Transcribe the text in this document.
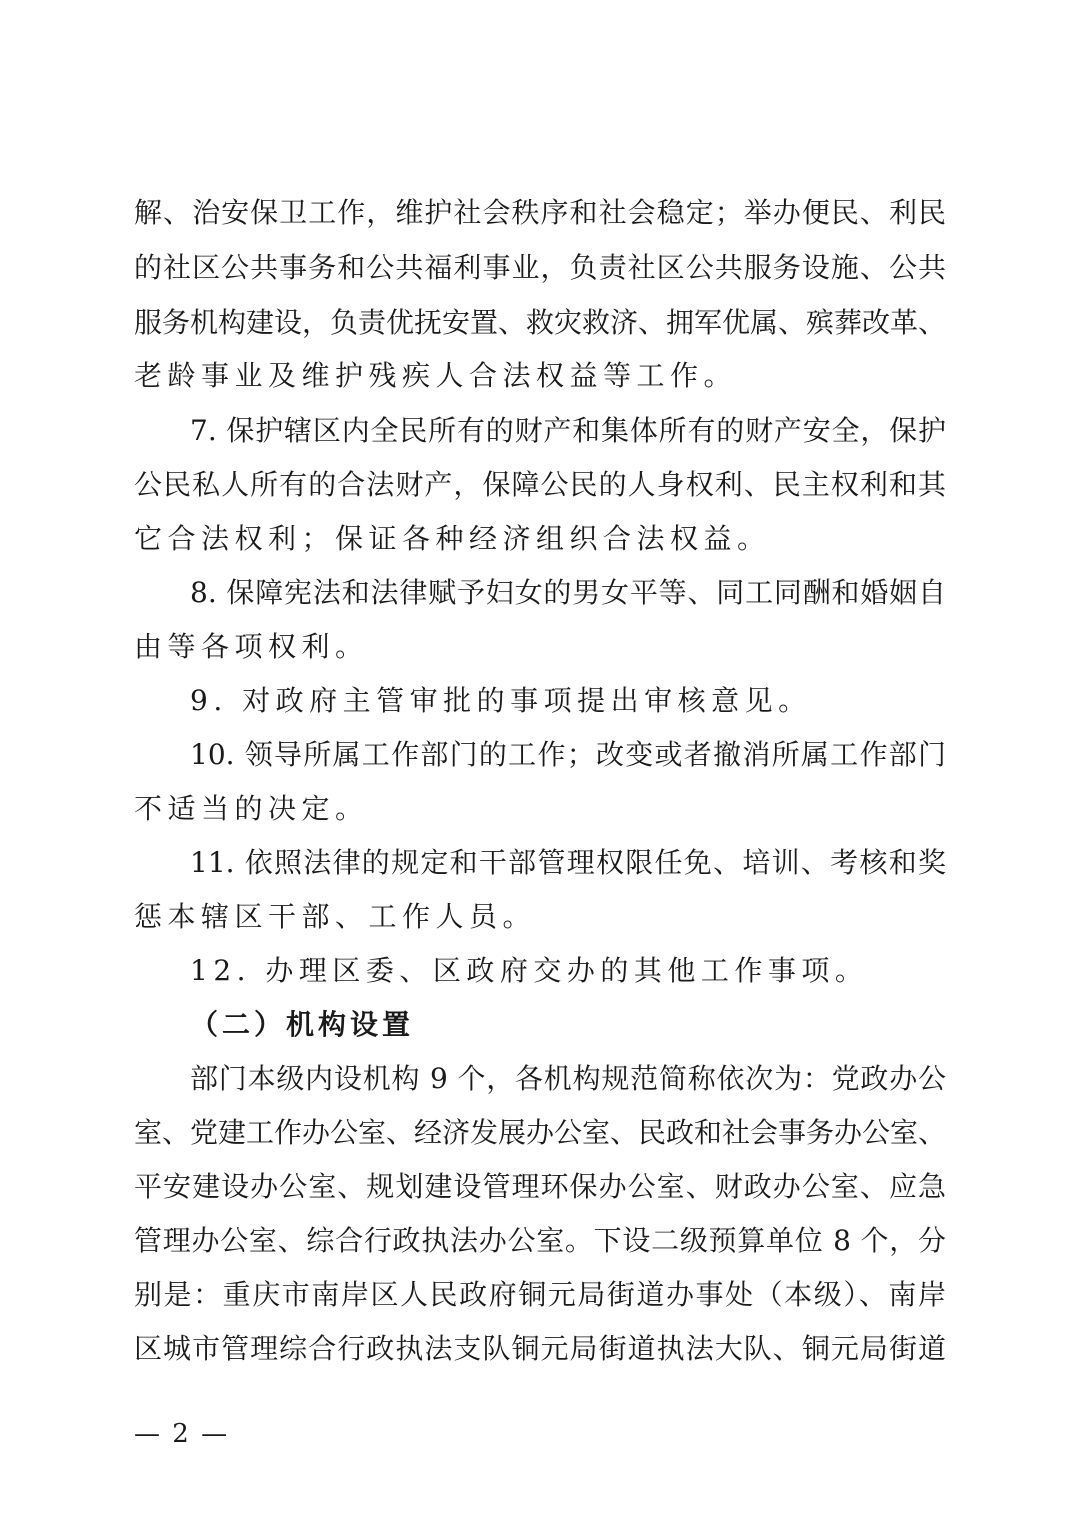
解、治安保卫工作，维护社会秩序和社会稳定；举办便民、利民
的社区公共事务和公共福利事业，负责社区公共服务设施、公共
服务机构建设，负责优抚安置、救灾救济、拥军优属、殡葬改革、
老龄事业及维护残疾人合法权益等工作。
7. 保护辖区内全民所有的财产和集体所有的财产安全，保护
公民私人所有的合法财产，保障公民的人身权利、民主权利和其
它合法权利；保证各种经济组织合法权益。
8. 保障宪法和法律赋予妇女的男女平等、同工同酬和婚姻自
由等各项权利。
9. 对政府主管审批的事项提出审核意见。
10. 领导所属工作部门的工作；改变或者撤消所属工作部门
不适当的决定。
11. 依照法律的规定和干部管理权限任免、培训、考核和奖
惩本辖区干部、工作人员。
12. 办理区委、区政府交办的其他工作事项。
（二）机构设置
部门本级内设机构 9 个，各机构规范简称依次为：党政办公
室、党建工作办公室、经济发展办公室、民政和社会事务办公室、
平安建设办公室、规划建设管理环保办公室、财政办公室、应急
管理办公室、综合行政执法办公室。下设二级预算单位 8 个，分
别是：重庆市南岸区人民政府铜元局街道办事处（本级）、南岸
区城市管理综合行政执法支队铜元局街道执法大队、铜元局街道
— 2 —
